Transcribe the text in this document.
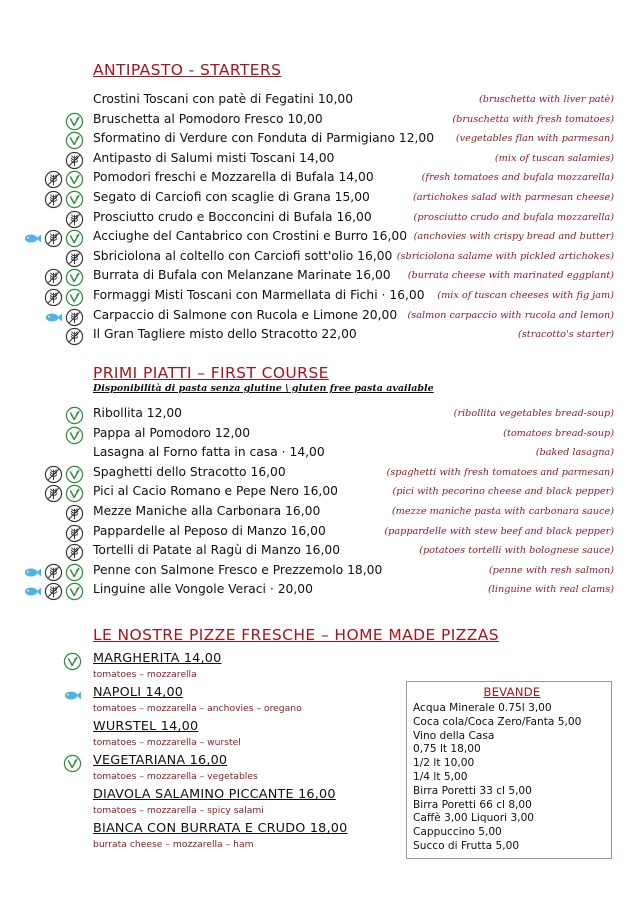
ANTIPASTO - STARTERS
Crostini Toscani con patè di Fegatini 10,00	(bruschetta with liver patè)
Bruschetta al Pomodoro Fresco 10,00	(bruschetta with fresh tomatoes)
Sformatino di Verdure con Fonduta di Parmigiano 12,00 (vegetables flan with parmesan)
Antipasto di Salumi misti Toscani 14,00	(mix of tuscan salamies)
Pomodori freschi e Mozzarella di Bufala 14,00	(fresh tomatoes and bufala mozzarella)
Segato di Carciofi con scaglie di Grana 15,00	(artichokes salad with parmesan cheese)
Prosciutto crudo e Bocconcini di Bufala 16,00	(prosciutto crudo and bufala mozzarella)
Acciughe del Cantabrico con Crostini e Burro 16,00 (anchovies with crispy bread and butter)
Sbriciolona al coltello con Carciofi sott'olio 16,00 (sbriciolona salame with pickled artichokes)
Burrata di Bufala con Melanzane Marinate 16,00 (burrata cheese with marinated eggplant)
Formaggi Misti Toscani con Marmellata di Fichi · 16,00 (mix of tuscan cheeses with fig jam)
Carpaccio di Salmone con Rucola e Limone 20,00 (salmon carpaccio with rucola and lemon)
Il Gran Tagliere misto dello Stracotto 22,00	(stracotto's starter)
PRIMI PIATTI – FIRST COURSE
Disponibilità di pasta senza glutine \ gluten free pasta available
Ribollita 12,00	(ribollita vegetables bread-soup)
Pappa al Pomodoro 12,00	(tomatoes bread-soup)
Lasagna al Forno fatta in casa · 14,00	(baked lasagna)
Spaghetti dello Stracotto 16,00	(spaghetti with fresh tomatoes and parmesan)
Pici al Cacio Romano e Pepe Nero 16,00	(pici with pecorino cheese and black pepper)
Mezze Maniche alla Carbonara 16,00	(mezze maniche pasta with carbonara sauce)
Pappardelle al Peposo di Manzo 16,00	(pappardelle with stew beef and black pepper)
Tortelli di Patate al Ragù di Manzo 16,00	(potatoes tortelli with bolognese sauce)
Penne con Salmone Fresco e Prezzemolo 18,00	(penne with resh salmon)
Linguine alle Vongole Veraci · 20,00	(linguine with real clams)
LE NOSTRE PIZZE FRESCHE – HOME MADE PIZZAS
MARGHERITA 14,00
tomatoes – mozzarella
NAPOLI 14,00
tomatoes – mozzarella – anchovies – oregano
WURSTEL 14,00
tomatoes – mozzarella – wurstel
VEGETARIANA 16,00
tomatoes – mozzarella – vegetables
DIAVOLA SALAMINO PICCANTE 16,00
tomatoes – mozzarella – spicy salami
BIANCA CON BURRATA E CRUDO 18,00
burrata cheese – mozzarella – ham
BEVANDE
Acqua Minerale 0.75l 3,00
Coca cola/Coca Zero/Fanta 5,00
Vino della Casa
0,75 lt 18,00
1/2 lt 10,00
1/4 lt 5,00
Birra Poretti 33 cl 5,00
Birra Poretti 66 cl 8,00
Caffè 3,00 Liquori 3,00
Cappuccino 5,00
Succo di Frutta 5,00
